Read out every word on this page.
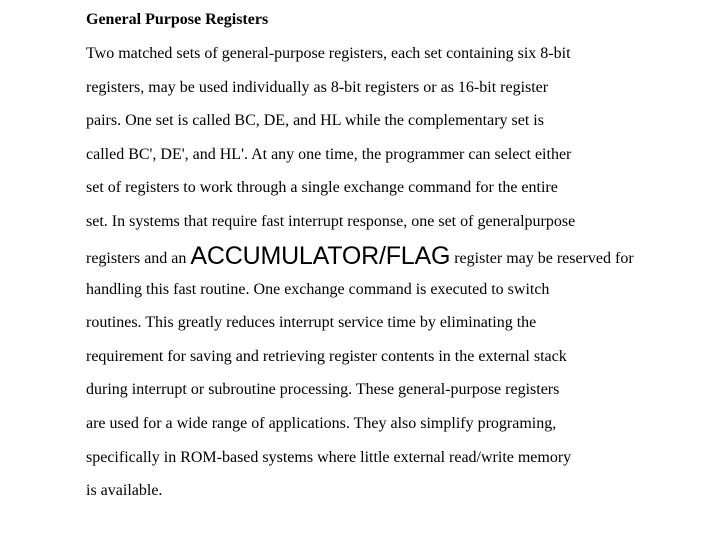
General Purpose Registers
Two matched sets of general-purpose registers, each set containing six 8-bit
registers, may be used individually as 8-bit registers or as 16-bit register
pairs. One set is called BC, DE, and HL while the complementary set is
called BC', DE', and HL'. At any one time, the programmer can select either
set of registers to work through a single exchange command for the entire
set. In systems that require fast interrupt response, one set of generalpurpose
registers and an ACCUMULATOR/FLAG register may be reserved for
handling this fast routine. One exchange command is executed to switch
routines. This greatly reduces interrupt service time by eliminating the
requirement for saving and retrieving register contents in the external stack
during interrupt or subroutine processing. These general-purpose registers
are used for a wide range of applications. They also simplify programing,
specifically in ROM-based systems where little external read/write memory
is available.
